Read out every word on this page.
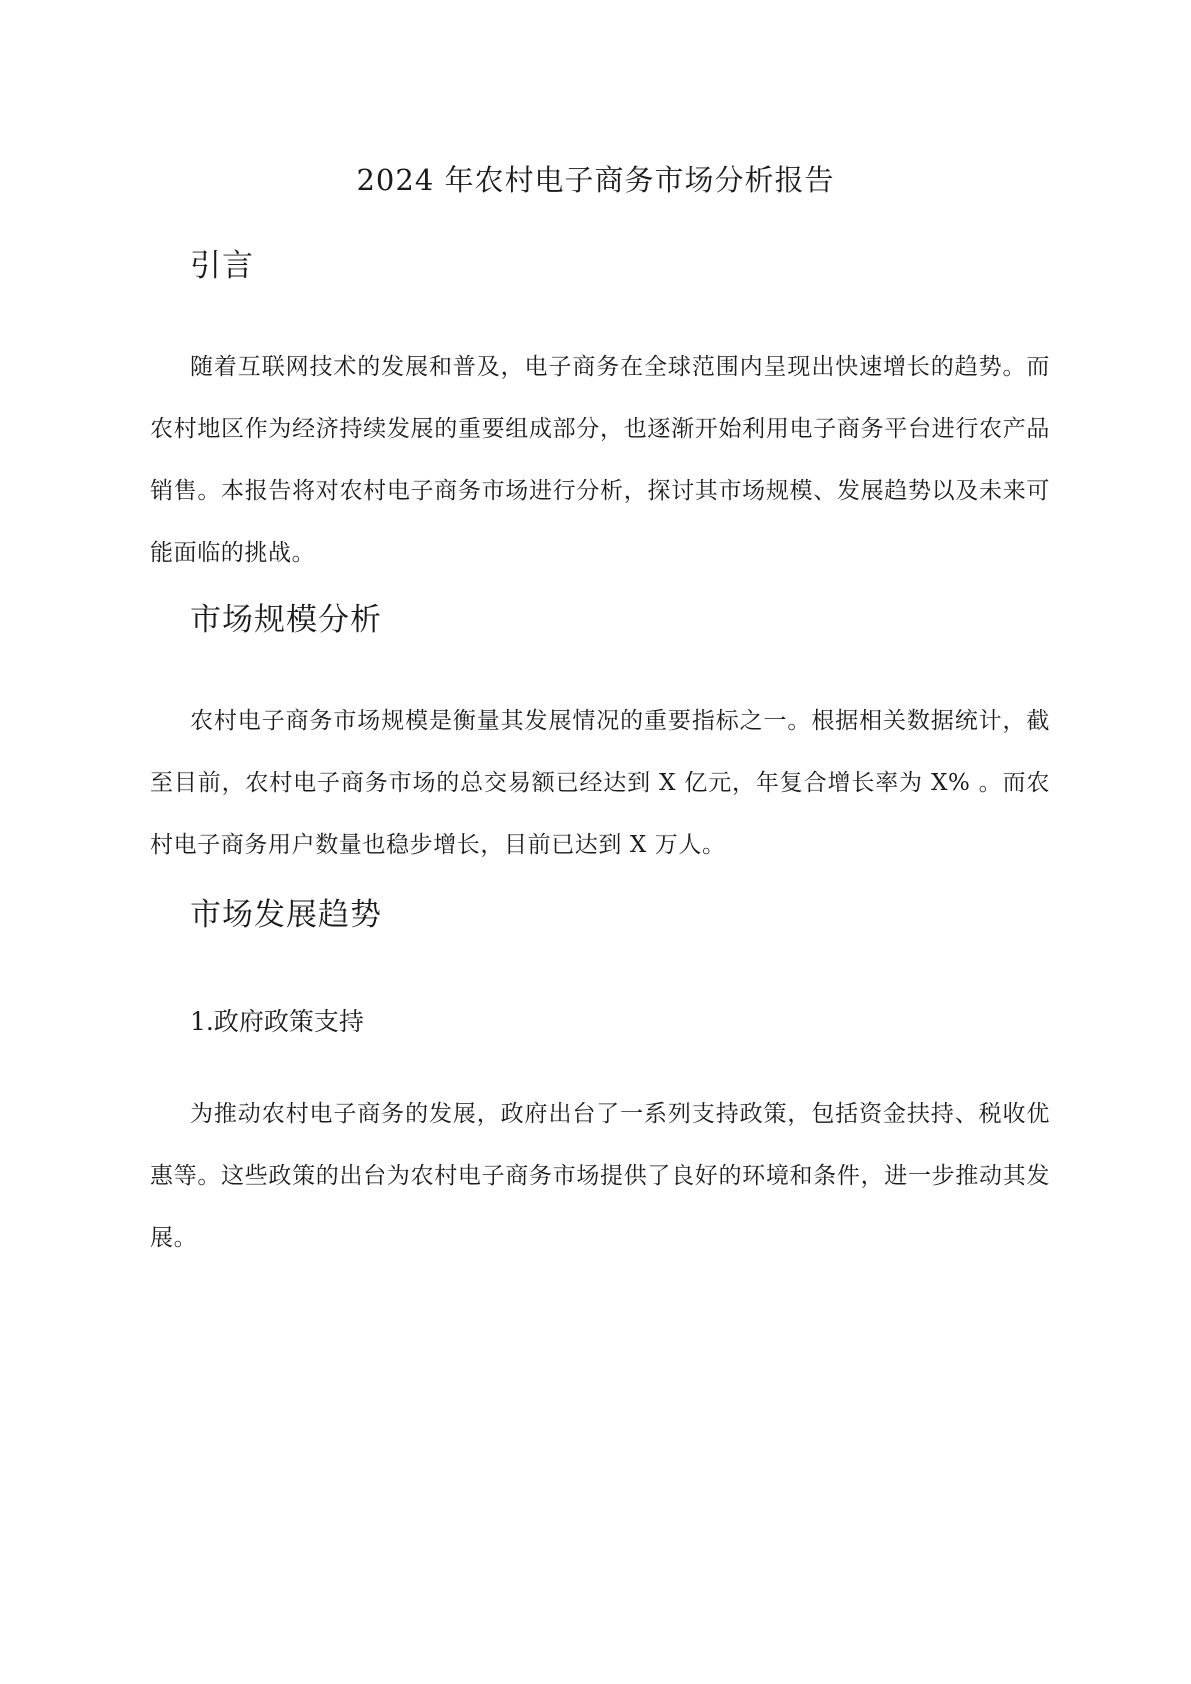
2024 年农村电子商务市场分析报告
引言

随着互联网技术的发展和普及，电子商务在全球范围内呈现出快速增长的趋势。而农村地区作为经济持续发展的重要组成部分，也逐渐开始利用电子商务平台进行农产品销售。本报告将对农村电子商务市场进行分析，探讨其市场规模、发展趋势以及未来可能面临的挑战。

市场规模分析

农村电子商务市场规模是衡量其发展情况的重要指标之一。根据相关数据统计，截至目前，农村电子商务市场的总交易额已经达到 X 亿元，年复合增长率为 X% 。而农村电子商务用户数量也稳步增长，目前已达到 X 万人。

市场发展趋势
1.政府政策支持

为推动农村电子商务的发展，政府出台了一系列支持政策，包括资金扶持、税收优惠等。这些政策的出台为农村电子商务市场提供了良好的环境和条件，进一步推动其发展。
